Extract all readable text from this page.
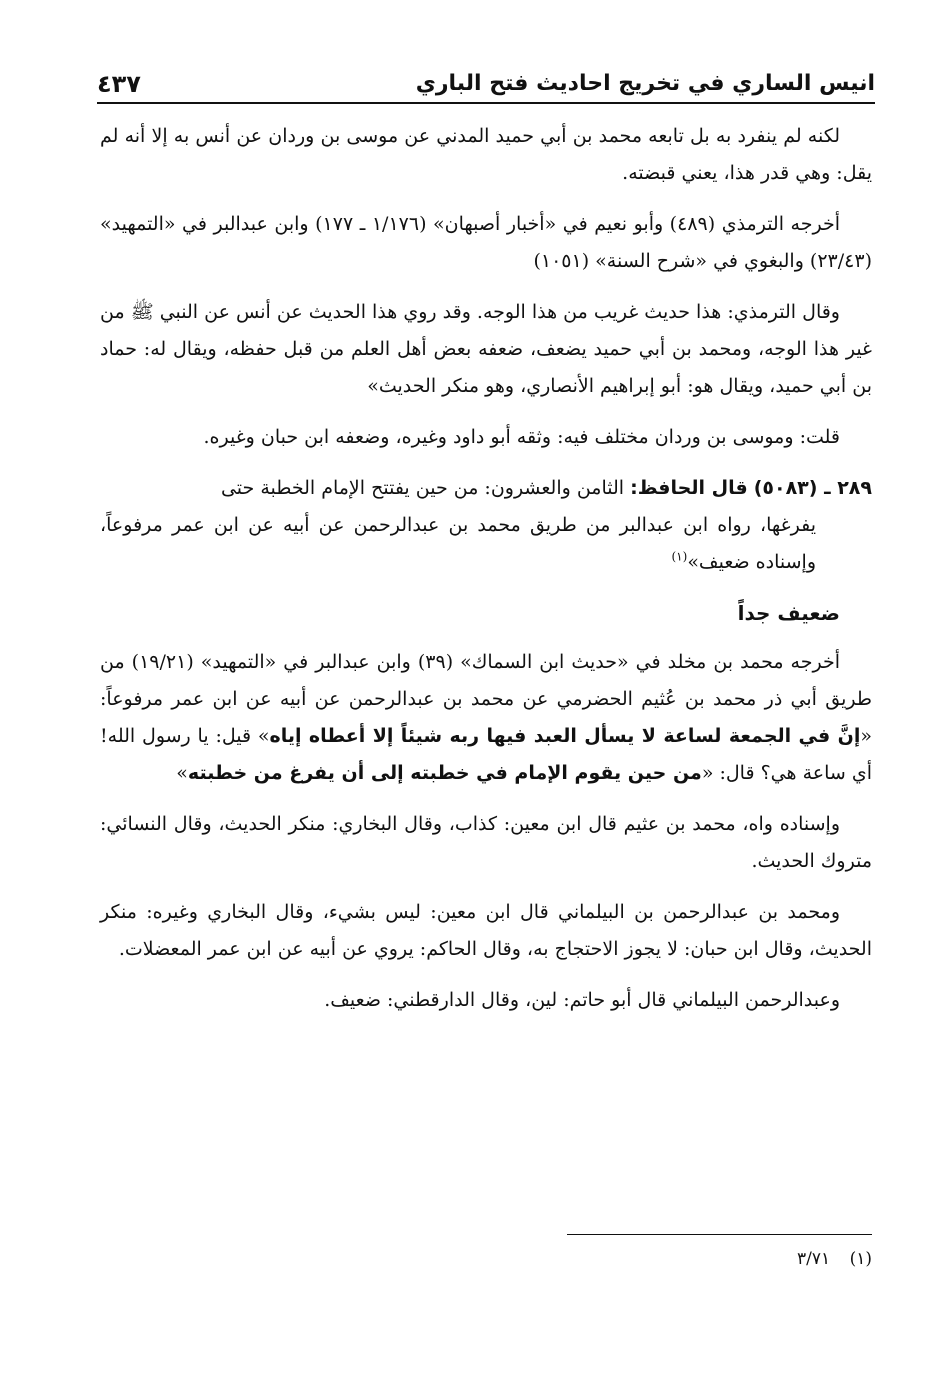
انيس الساري في تخريج احاديث فتح الباري
٤٣٧

لكنه لم ينفرد به بل تابعه محمد بن أبي حميد المدني عن موسى بن وردان عن أنس به إلا أنه لم يقل: وهي قدر هذا، يعني قبضته.

أخرجه الترمذي (٤٨٩) وأبو نعيم في «أخبار أصبهان» (١/١٧٦ ـ ١٧٧) وابن عبدالبر في «التمهيد» (٢٣/٤٣) والبغوي في «شرح السنة» (١٠٥١)

وقال الترمذي: هذا حديث غريب من هذا الوجه. وقد روي هذا الحديث عن أنس عن النبي ﷺ من غير هذا الوجه، ومحمد بن أبي حميد يضعف، ضعفه بعض أهل العلم من قبل حفظه، ويقال له: حماد بن أبي حميد، ويقال هو: أبو إبراهيم الأنصاري، وهو منكر الحديث»

قلت: وموسى بن وردان مختلف فيه: وثقه أبو داود وغيره، وضعفه ابن حبان وغيره.

٢٨٩ ـ (٥٠٨٣) قال الحافظ: الثامن والعشرون: من حين يفتتح الإمام الخطبة حتى
يفرغها، رواه ابن عبدالبر من طريق محمد بن عبدالرحمن عن أبيه عن ابن عمر مرفوعاً، وإسناده ضعيف»$^{(١)}$
ضعيف جداً

أخرجه محمد بن مخلد في «حديث ابن السماك» (٣٩) وابن عبدالبر في «التمهيد» (١٩/٢١) من طريق أبي ذر محمد بن عُثيم الحضرمي عن محمد بن عبدالرحمن عن أبيه عن ابن عمر مرفوعاً: «إنَّ في الجمعة لساعة لا يسأل العبد فيها ربه شيئاً إلا أعطاه إياه» قيل: يا رسول الله! أي ساعة هي؟ قال: «من حين يقوم الإمام في خطبته إلى أن يفرغ من خطبته»

وإسناده واه، محمد بن عثيم قال ابن معين: كذاب، وقال البخاري: منكر الحديث، وقال النسائي: متروك الحديث.

ومحمد بن عبدالرحمن بن البيلماني قال ابن معين: ليس بشيء، وقال البخاري وغيره: منكر الحديث، وقال ابن حبان: لا يجوز الاحتجاج به، وقال الحاكم: يروي عن أبيه عن ابن عمر المعضلات.

وعبدالرحمن البيلماني قال أبو حاتم: لين، وقال الدارقطني: ضعيف.

(١) ٣/٧١
